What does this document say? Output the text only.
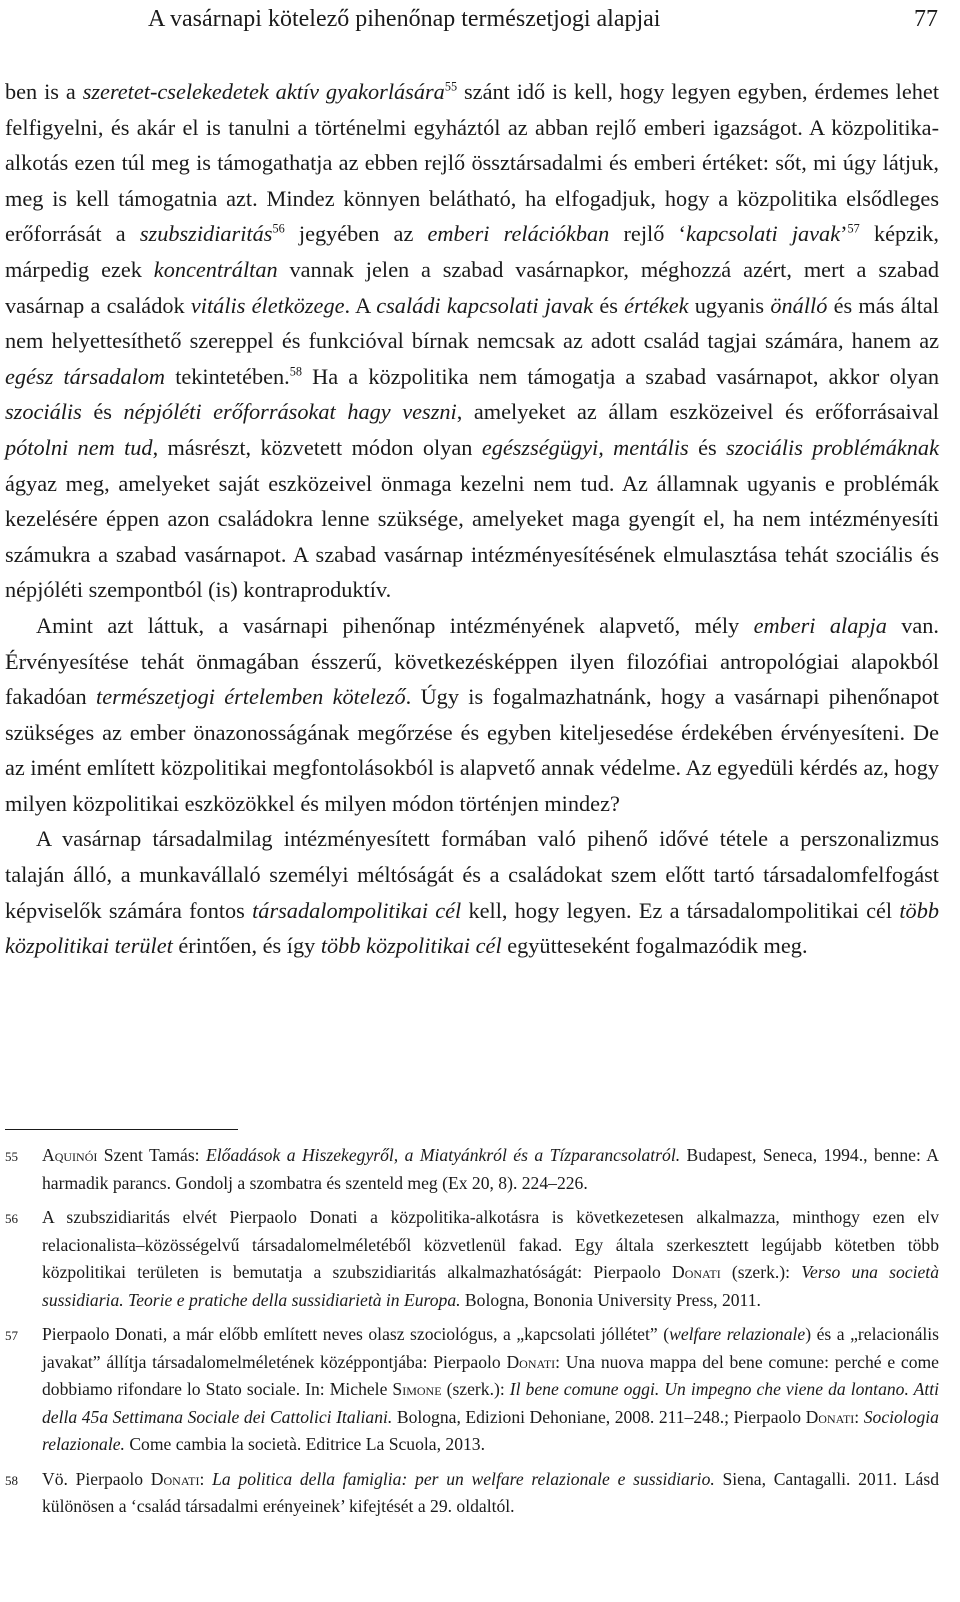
A vasárnapi kötelező pihenőnap természetjogi alapjai	77

ben is a szeretet-cselekedetek aktív gyakorlására$^{55}$ szánt idő is kell, hogy legyen egyben, érdemes lehet felfigyelni, és akár el is tanulni a történelmi egyháztól az abban rejlő emberi igazságot. A közpolitika-alkotás ezen túl meg is támogathatja az ebben rejlő össztársadalmi és emberi értéket: sőt, mi úgy látjuk, meg is kell támogatnia azt. Mindez könnyen belátható, ha elfogadjuk, hogy a közpolitika elsődleges erőforrását a szubszidiaritás$^{56}$ jegyében az emberi relációkban rejlő ‘kapcsolati javak’$^{57}$ képzik, márpedig ezek koncentráltan vannak jelen a szabad vasárnapkor, méghozzá azért, mert a szabad vasárnap a családok vitális életközege. A családi kapcsolati javak és értékek ugyanis önálló és más által nem helyettesíthető szereppel és funkcióval bírnak nemcsak az adott család tagjai számára, hanem az egész társadalom tekintetében.$^{58}$ Ha a közpolitika nem támogatja a szabad vasárnapot, akkor olyan szociális és népjóléti erőforrásokat hagy veszni, amelyeket az állam eszközeivel és erőforrásaival pótolni nem tud, másrészt, közvetett módon olyan egészségügyi, mentális és szociális problémáknak ágyaz meg, amelyeket saját eszközeivel önmaga kezelni nem tud. Az államnak ugyanis e problémák kezelésére éppen azon családokra lenne szüksége, amelyeket maga gyengít el, ha nem intézményesíti számukra a szabad vasárnapot. A szabad vasárnap intézményesítésének elmulasztása tehát szociális és népjóléti szempontból (is) kontraproduktív.

Amint azt láttuk, a vasárnapi pihenőnap intézményének alapvető, mély emberi alapja van. Érvényesítése tehát önmagában ésszerű, következésképpen ilyen filozófiai antropológiai alapokból fakadóan természetjogi értelemben kötelező. Úgy is fogalmazhatnánk, hogy a vasárnapi pihenőnapot szükséges az ember önazonosságának megőrzése és egyben kiteljesedése érdekében érvényesíteni. De az imént említett közpolitikai megfontolásokból is alapvető annak védelme. Az egyedüli kérdés az, hogy milyen közpolitikai eszközökkel és milyen módon történjen mindez?

A vasárnap társadalmilag intézményesített formában való pihenő idővé tétele a perszonalizmus talaján álló, a munkavállaló személyi méltóságát és a családokat szem előtt tartó társadalomfelfogást képviselők számára fontos társadalompolitikai cél kell, hogy legyen. Ez a társadalompolitikai cél több közpolitikai terület érintően, és így több közpolitikai cél együtteseként fogalmazódik meg.

55 Aquinói Szent Tamás: Előadások a Hiszekegyről, a Miatyánkról és a Tízparancsolatról. Budapest, Seneca, 1994., benne: A harmadik parancs. Gondolj a szombatra és szenteld meg (Ex 20, 8). 224–226.
56 A szubszidiaritás elvét Pierpaolo Donati a közpolitika-alkotásra is következetesen alkalmazza, minthogy ezen elv relacionalista–közösségelvű társadalomelméletéből közvetlenül fakad. Egy általa szerkesztett legújabb kötetben több közpolitikai területen is bemutatja a szubszidiaritás alkalmazhatóságát: Pierpaolo Donati (szerk.): Verso una società sussidiaria. Teorie e pratiche della sussidiarietà in Europa. Bologna, Bononia University Press, 2011.
57 Pierpaolo Donati, a már előbb említett neves olasz szociológus, a „kapcsolati jóllétet” (welfare relazionale) és a „relacionális javakat” állítja társadalomelméletének középpontjába: Pierpaolo Donati: Una nuova mappa del bene comune: perché e come dobbiamo rifondare lo Stato sociale. In: Michele Simone (szerk.): Il bene comune oggi. Un impegno che viene da lontano. Atti della 45a Settimana Sociale dei Cattolici Italiani. Bologna, Edizioni Dehoniane, 2008. 211–248.; Pierpaolo Donati: Sociologia relazionale. Come cambia la società. Editrice La Scuola, 2013.
58 Vö. Pierpaolo Donati: La politica della famiglia: per un welfare relazionale e sussidiario. Siena, Cantagalli. 2011. Lásd különösen a ‘család társadalmi erényeinek’ kifejtését a 29. oldaltól.
